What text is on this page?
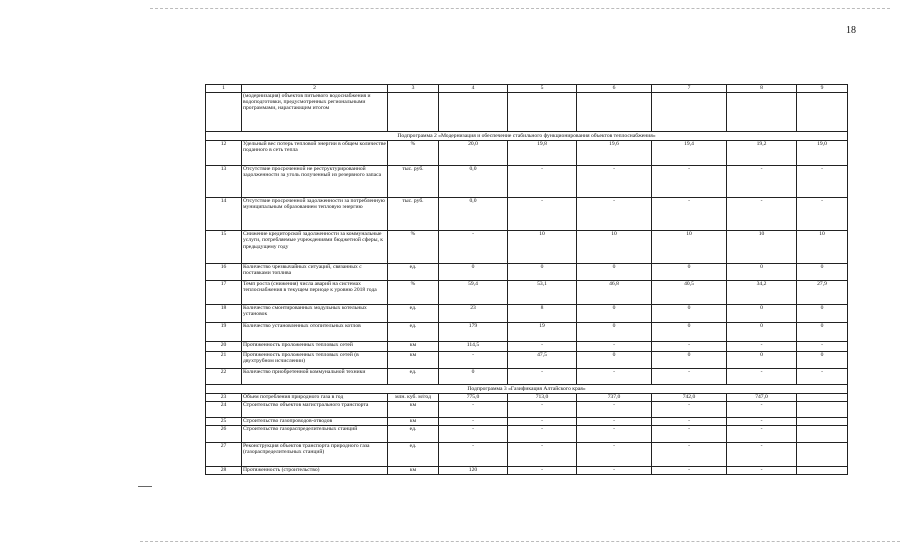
18
1	2	3	4	5	6	7	8	9
	(модернизация) объектов питьевого водоснабжения и водоподготовки, предусмотренных региональными программами, нарастающим итогом							
Подпрограмма 2 «Модернизация и обеспечение стабильного функционирования объектов теплоснабжения»								
12	Удельный вес потерь тепловой энергии в общем количестве поданного в сеть тепла	%	20,0	19,8	19,6	19,4	19,2	19,0
13	Отсутствие просроченной не реструктурированной задолженности за уголь полученный из резервного запаса	тыс. руб.	0,0	-	-	-	-	-
14	Отсутствие просроченной задолженности за потребленную муниципальным образованием тепловую энергию	тыс. руб.	0,0	-	-	-	-	-
15	Снижение кредиторской задолженности за коммунальные услуги, потребляемые учреждениями бюджетной сферы, к предыдущему году	%	-	10	10	10	10	10
16	Количество чрезвычайных ситуаций, связанных с поставками топлива	ед.	0	0	0	0	0	0
17	Темп роста (снижения) числа аварий на системах теплоснабжения в текущем периоде к уровню 2018 года	%	59,4	53,1	46,8	40,5	34,2	27,9
18	Количество смонтированных модульных котельных установок	ед.	23	8	0	0	0	0
19	Количество установленных отопительных котлов	ед.	179	19	0	0	0	0
20	Протяженность проложенных тепловых сетей	км	114,5	-	-	-	-	-
21	Протяженность проложенных тепловых сетей (в двухтрубном исчислении)	км	-	47,5	0	0	0	0
22	Количество приобретенной коммунальной техники	ед.	0	-	-	-	-	-
Подпрограмма 3 «Газификация Алтайского края»								
23	Объем потребления природного газа в год	млн. куб. м/год	775,0	713,0	737,0	742,0	747,0	
24	Строительство объектов магистрального транспорта	км	-	-	-	-	-	
25	Строительство газопроводов-отводов	км	-	-	-	-	-	
26	Строительство газораспределительных станций	ед.	-	-	-	-	-	
27	Реконструкция объектов транспорта природного газа (газораспределительных станций)	ед.	-	-	-	-	-	
28	Протяженность (строительство)	км	120	-	-	-	-	
